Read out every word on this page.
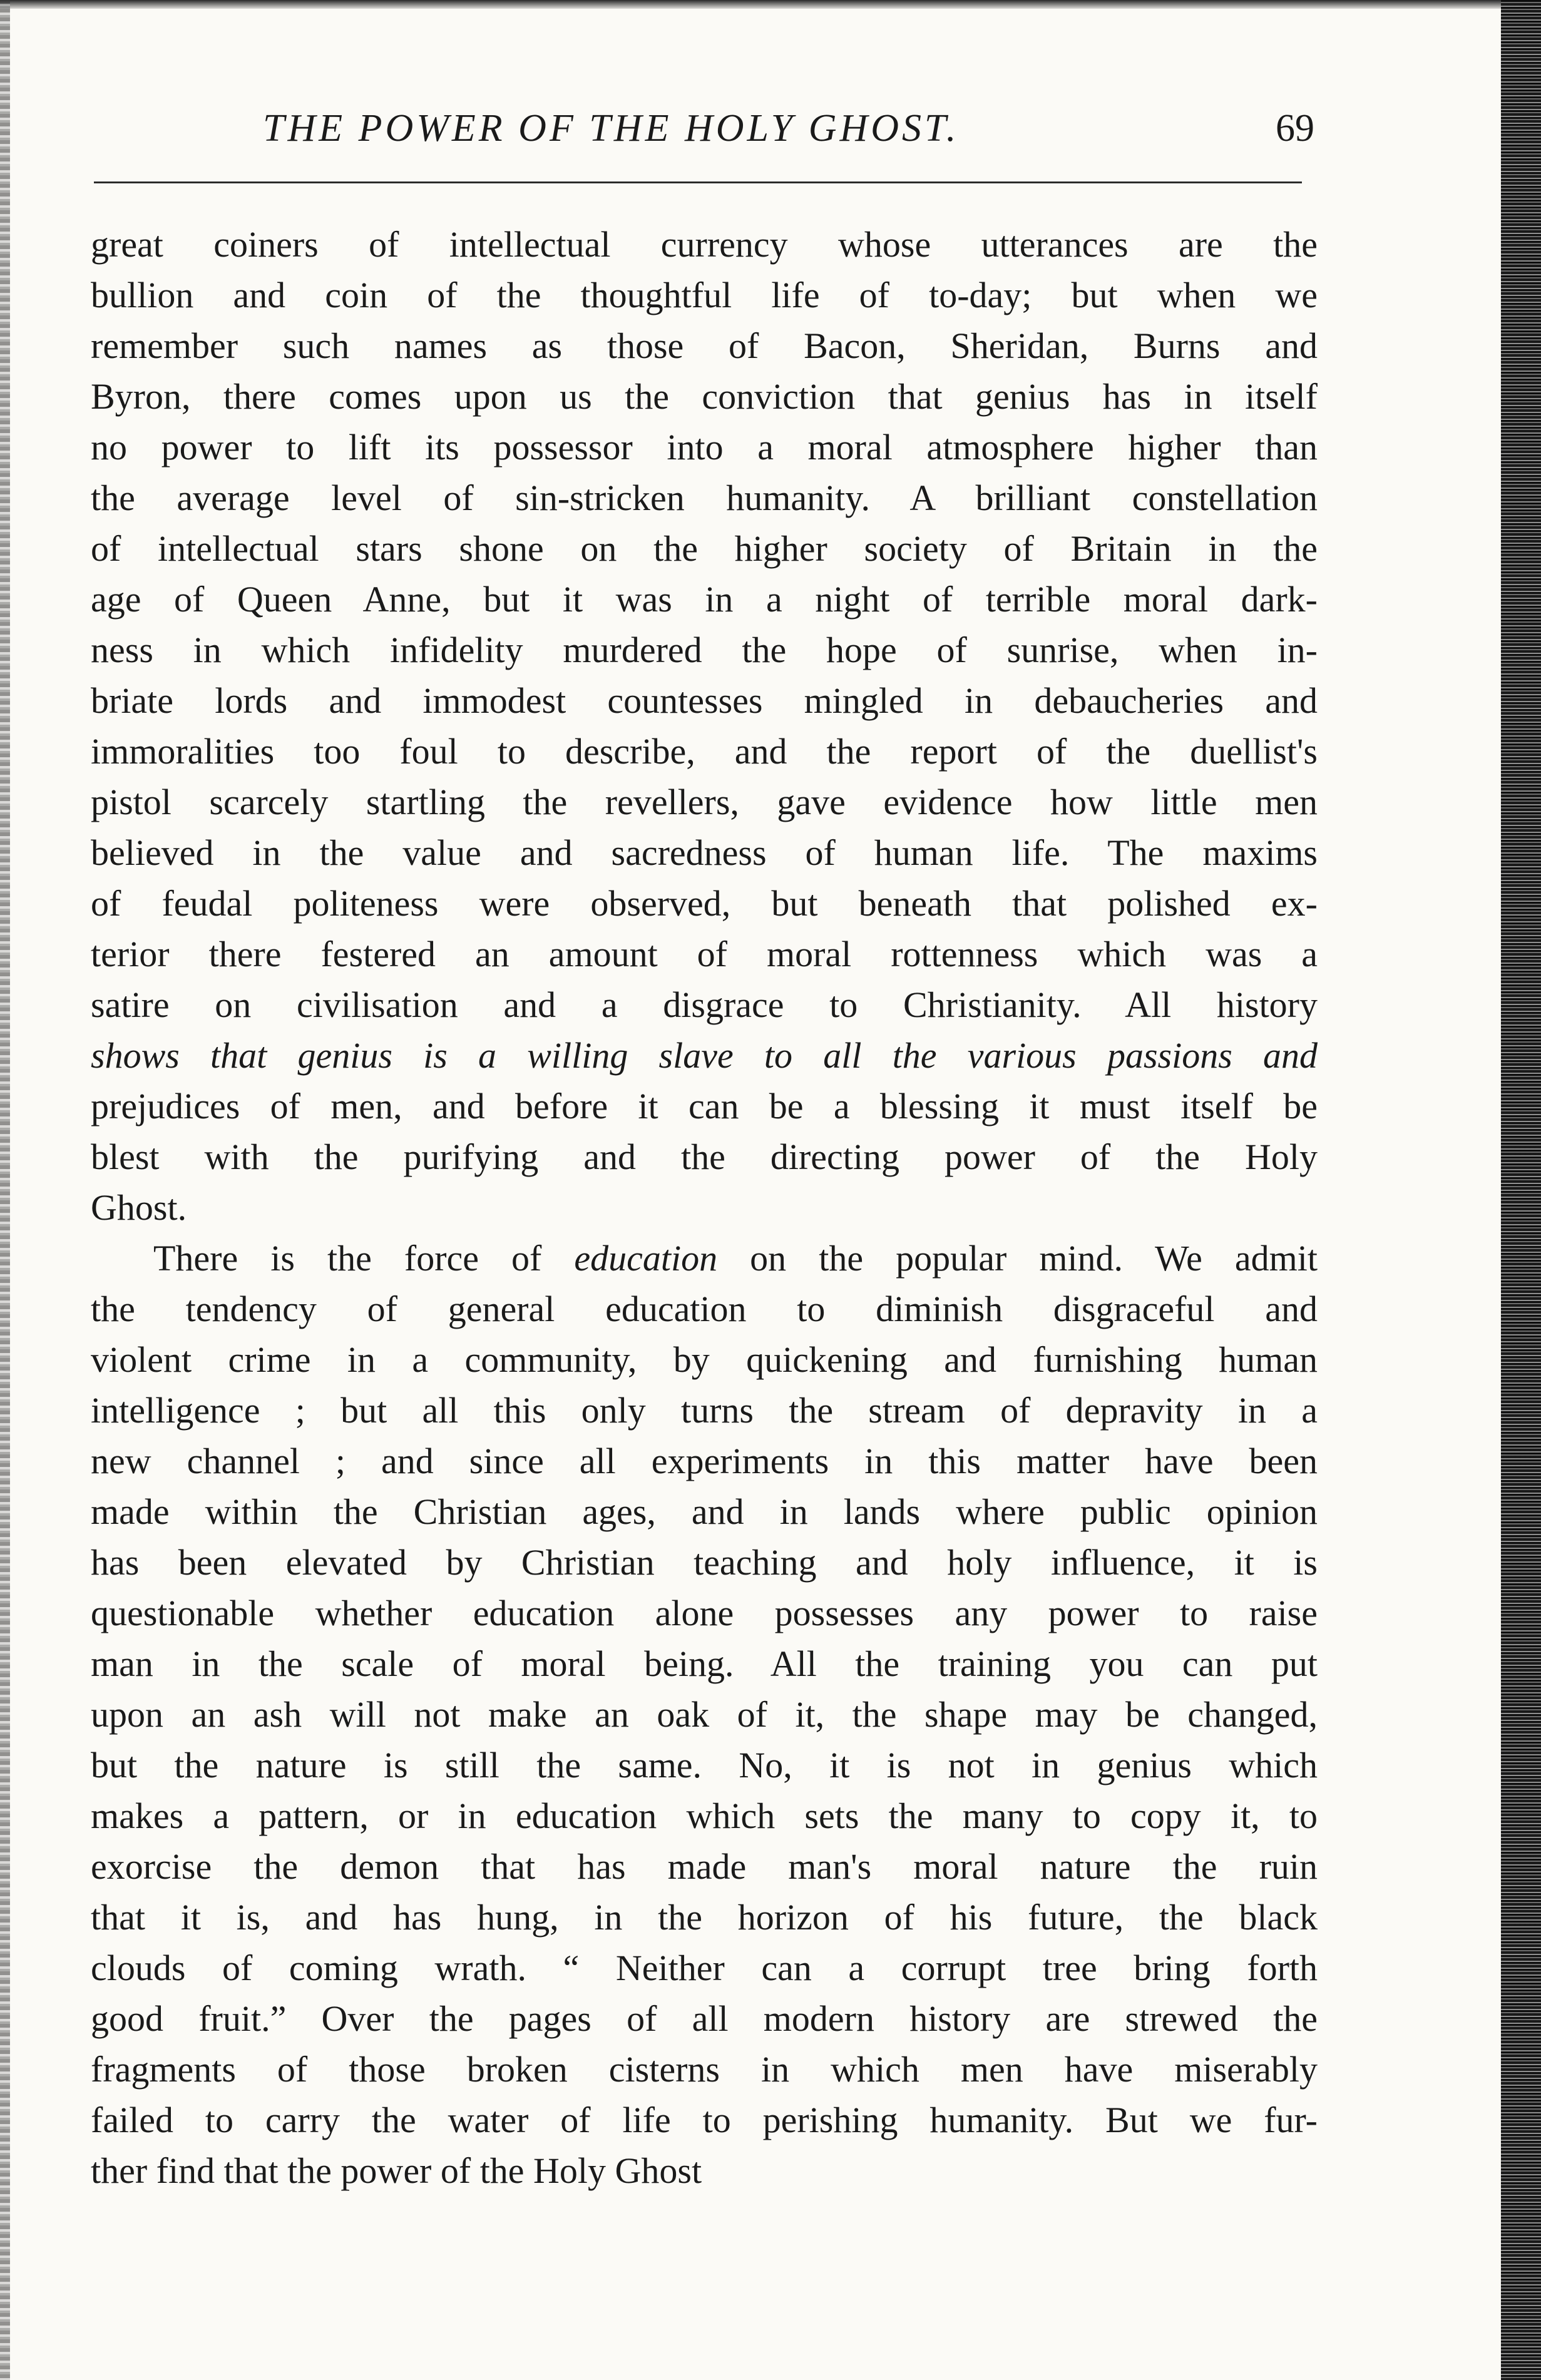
THE POWER OF THE HOLY GHOST.	69

great coiners of intellectual currency whose utterances are the
bullion and coin of the thoughtful life of to-day; but when we
remember such names as those of Bacon, Sheridan, Burns and
Byron, there comes upon us the conviction that genius has in itself
no power to lift its possessor into a moral atmosphere higher than
the average level of sin-stricken humanity. A brilliant constellation
of intellectual stars shone on the higher society of Britain in the
age of Queen Anne, but it was in a night of terrible moral dark-
ness in which infidelity murdered the hope of sunrise, when in-
briate lords and immodest countesses mingled in debaucheries and
immoralities too foul to describe, and the report of the duellist's
pistol scarcely startling the revellers, gave evidence how little men
believed in the value and sacredness of human life. The maxims
of feudal politeness were observed, but beneath that polished ex-
terior there festered an amount of moral rottenness which was a
satire on civilisation and a disgrace to Christianity. All history
shows that genius is a willing slave to all the various passions and
prejudices of men, and before it can be a blessing it must itself be
blest with the purifying and the directing power of the Holy
Ghost.

There is the force of education on the popular mind. We admit
the tendency of general education to diminish disgraceful and
violent crime in a community, by quickening and furnishing human
intelligence ; but all this only turns the stream of depravity in a
new channel ; and since all experiments in this matter have been
made within the Christian ages, and in lands where public opinion
has been elevated by Christian teaching and holy influence, it is
questionable whether education alone possesses any power to raise
man in the scale of moral being. All the training you can put
upon an ash will not make an oak of it, the shape may be changed,
but the nature is still the same. No, it is not in genius which
makes a pattern, or in education which sets the many to copy it, to
exorcise the demon that has made man's moral nature the ruin
that it is, and has hung, in the horizon of his future, the black
clouds of coming wrath. “ Neither can a corrupt tree bring forth
good fruit.” Over the pages of all modern history are strewed the
fragments of those broken cisterns in which men have miserably
failed to carry the water of life to perishing humanity. But we fur-
ther find that the power of the Holy Ghost
